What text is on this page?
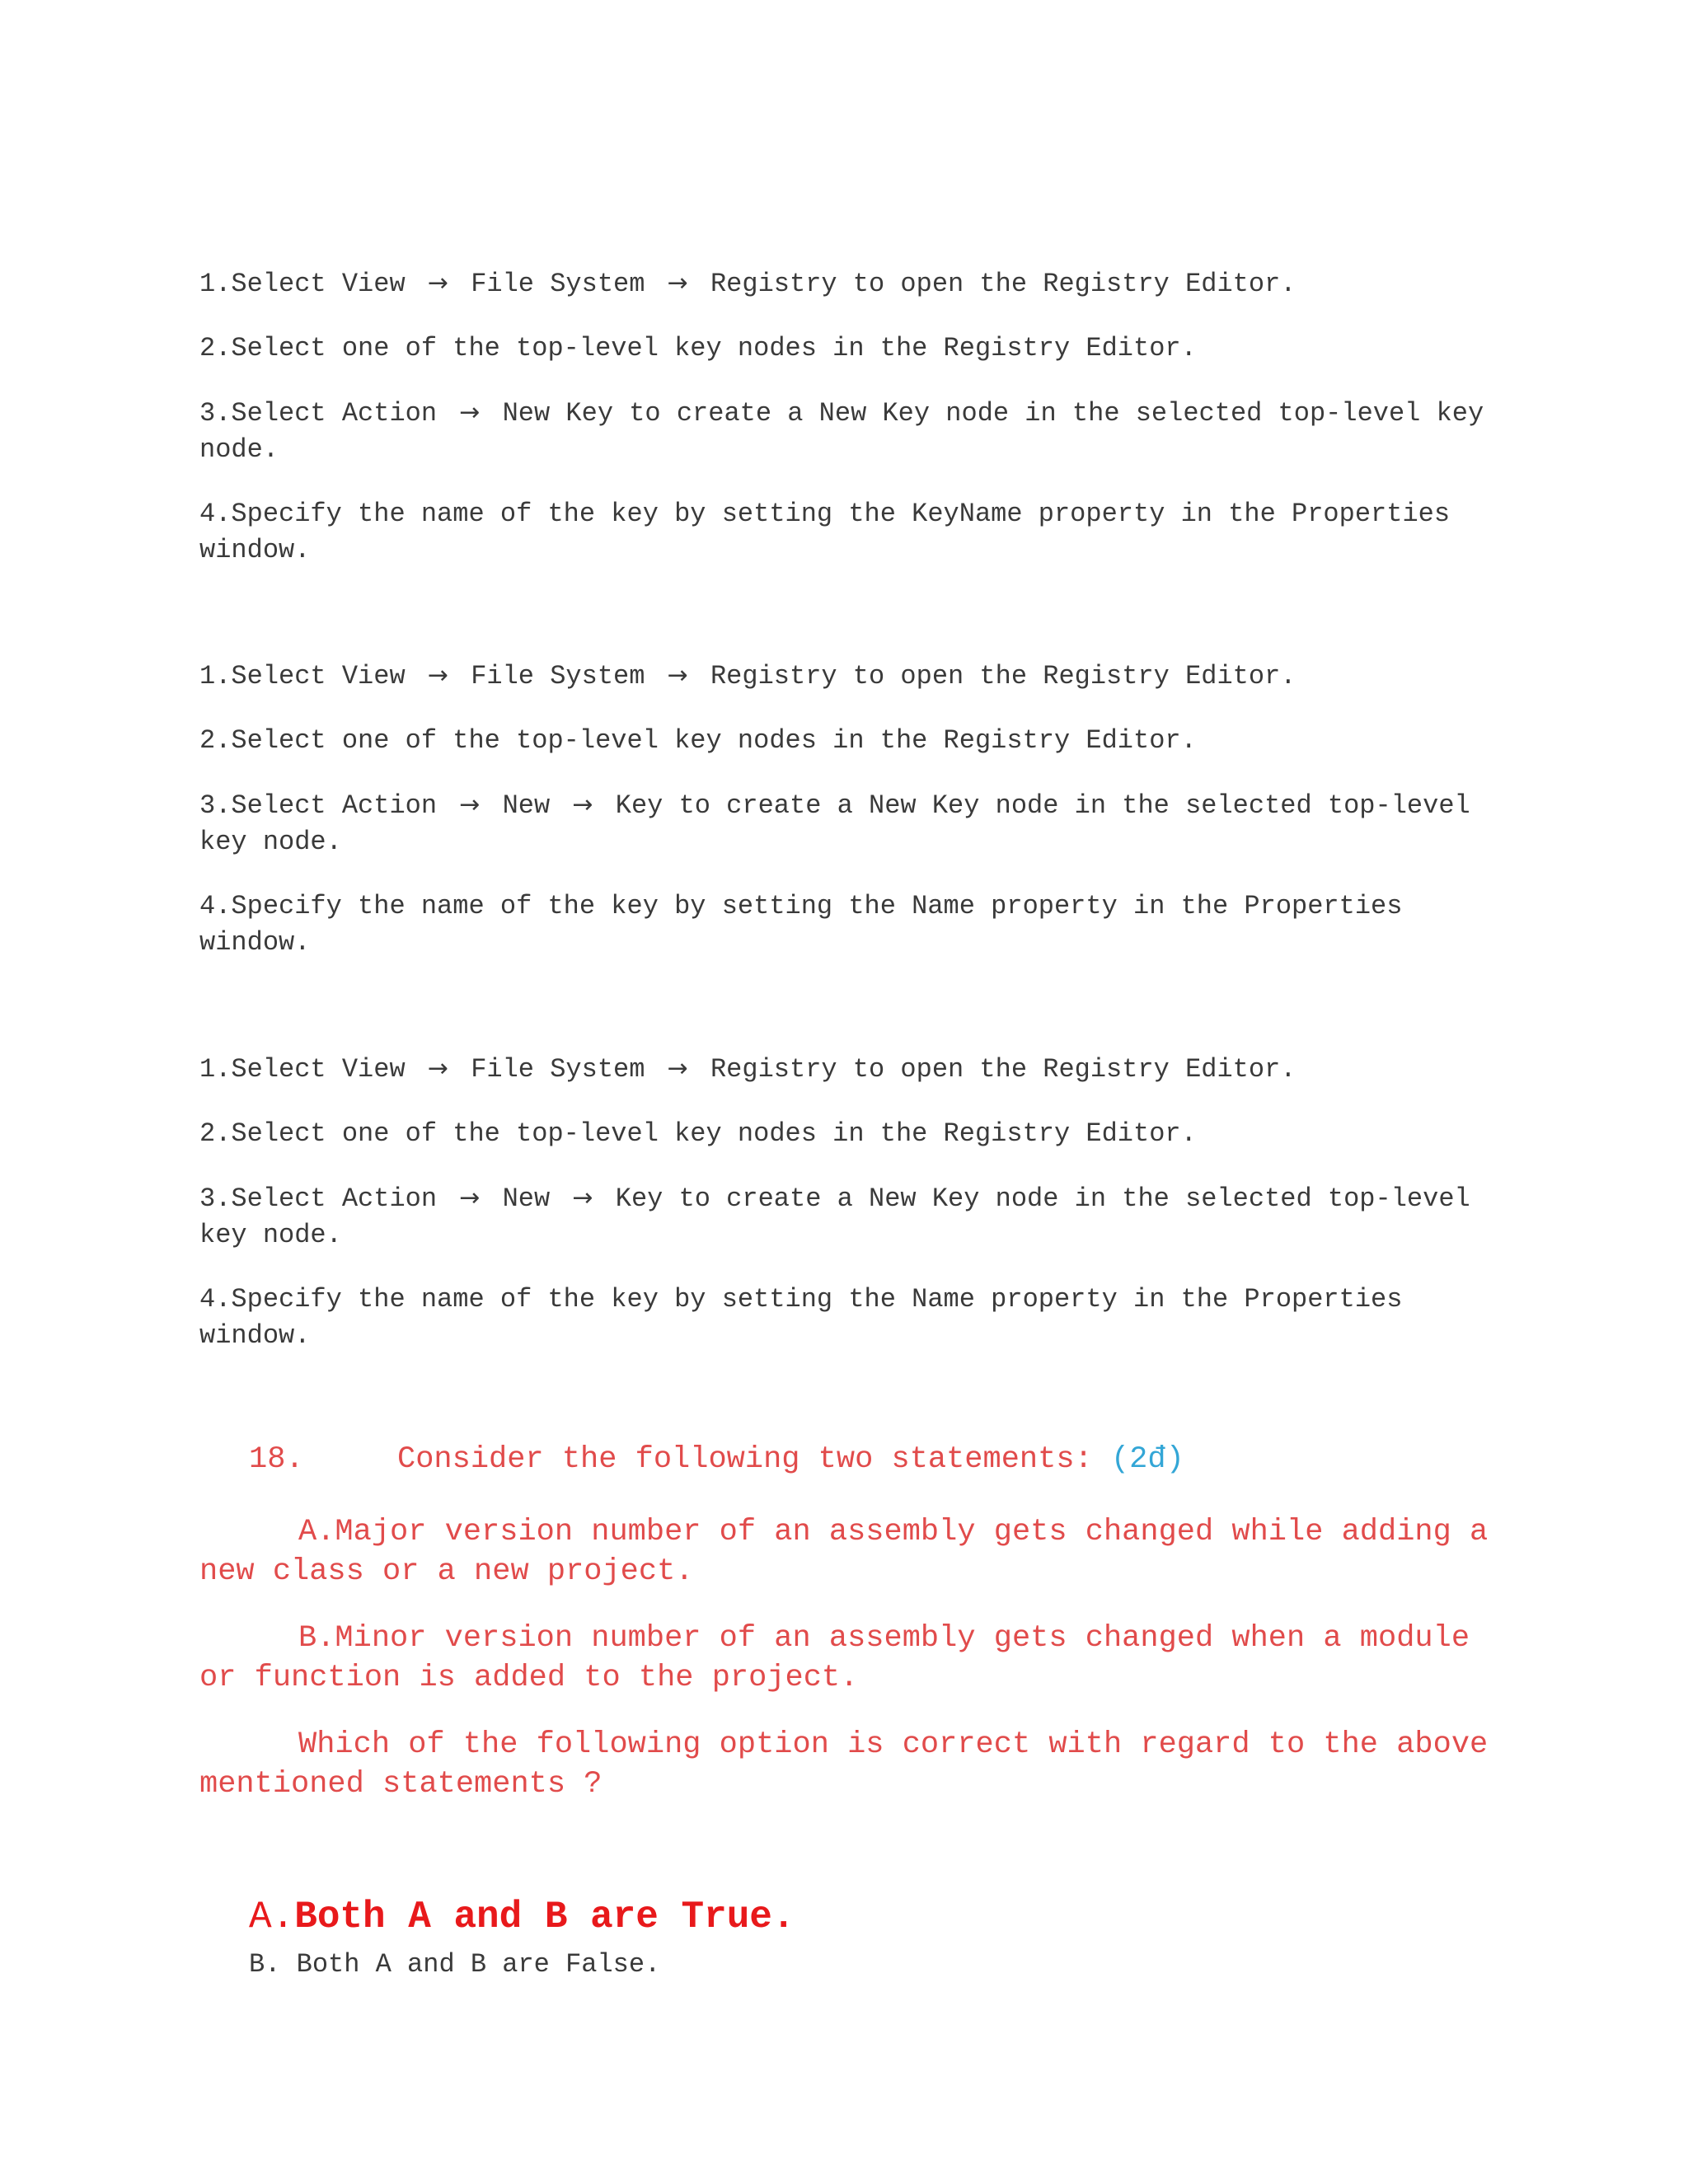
1.Select View → File System → Registry to open the Registry Editor.

2.Select one of the top-level key nodes in the Registry Editor.

3.Select Action → New Key to create a New Key node in the selected top-level key node.

4.Specify the name of the key by setting the KeyName property in the Properties window.

1.Select View → File System → Registry to open the Registry Editor.

2.Select one of the top-level key nodes in the Registry Editor.

3.Select Action → New → Key to create a New Key node in the selected top-level key node.

4.Specify the name of the key by setting the Name property in the Properties window.

1.Select View → File System → Registry to open the Registry Editor.

2.Select one of the top-level key nodes in the Registry Editor.

3.Select Action → New → Key to create a New Key node in the selected top-level key node.

4.Specify the name of the key by setting the Name property in the Properties window.

18.	Consider the following two statements: (2đ)

A.Major version number of an assembly gets changed while adding a new class or a new project.

B.Minor version number of an assembly gets changed when a module or function is added to the project.

Which of the following option is correct with regard to the above mentioned statements ?

A.Both A and B are True.
B. Both A and B are False.
